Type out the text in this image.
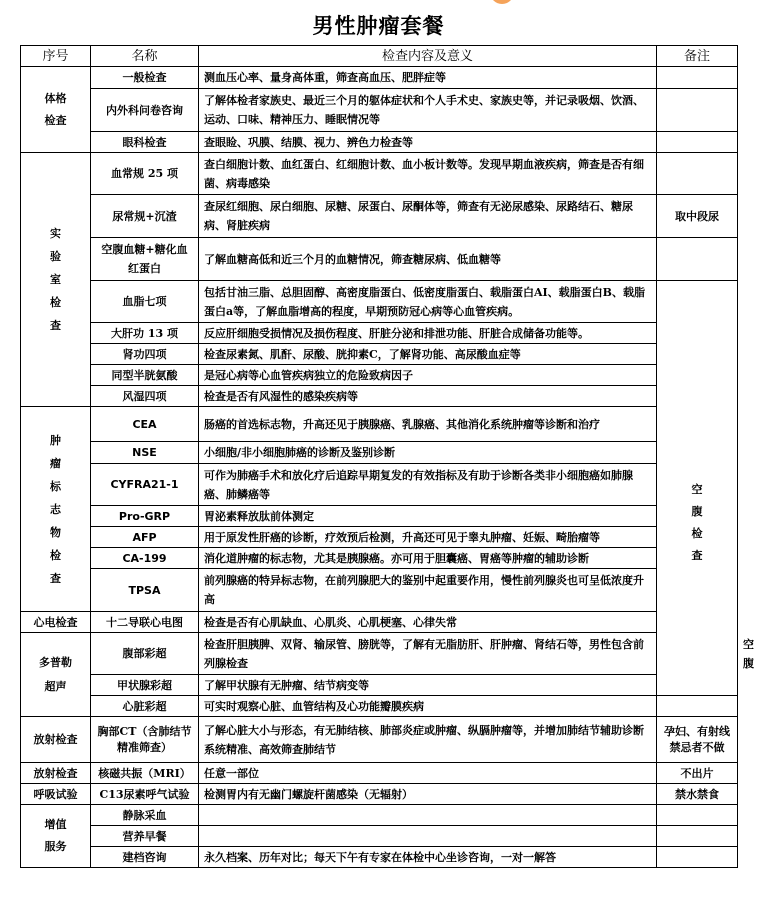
男性肿瘤套餐
序号	名称	检查内容及意义	备注	
体格检查	一般检查	测血压心率、量身高体重，筛查高血压、肥胖症等		
	内外科问卷咨询	了解体检者家族史、最近三个月的躯体症状和个人手术史、家族史等，并记录吸烟、饮酒、运动、口味、精神压力、睡眠情况等		
	眼科检查	查眼睑、巩膜、结膜、视力、辨色力检查等		
实验室检查	血常规 25 项	查白细胞计数、血红蛋白、红细胞计数、血小板计数等。发现早期血液疾病，筛查是否有细菌、病毒感染		
	尿常规+沉渣	查尿红细胞、尿白细胞、尿糖、尿蛋白、尿酮体等，筛查有无泌尿感染、尿路结石、糖尿病、肾脏疾病	取中段尿	
	空腹血糖+糖化血红蛋白	了解血糖高低和近三个月的血糖情况，筛查糖尿病、低血糖等		
	血脂七项	包括甘油三脂、总胆固醇、高密度脂蛋白、低密度脂蛋白、载脂蛋白AI、载脂蛋白B、载脂蛋白a等，了解血脂增高的程度，早期预防冠心病等心血管疾病。	空腹检查	
	大肝功 13 项	反应肝细胞受损情况及损伤程度、肝脏分泌和排泄功能、肝脏合成储备功能等。		
	肾功四项	检查尿素氮、肌酐、尿酸、胱抑素C，了解肾功能、高尿酸血症等		
	同型半胱氨酸	是冠心病等心血管疾病独立的危险致病因子		
	风湿四项	检查是否有风湿性的感染疾病等		
肿瘤标志物检查	CEA	肠癌的首选标志物，升高还见于胰腺癌、乳腺癌、其他消化系统肿瘤等诊断和治疗		
	NSE	小细胞/非小细胞肺癌的诊断及鉴别诊断		
	CYFRA21-1	可作为肺癌手术和放化疗后追踪早期复发的有效指标及有助于诊断各类非小细胞癌如肺腺癌、肺鳞癌等		
	Pro-GRP	胃泌素释放肽前体测定		
	AFP	用于原发性肝癌的诊断，疗效预后检测，升高还可见于睾丸肿瘤、妊娠、畸胎瘤等		
	CA-199	消化道肿瘤的标志物，尤其是胰腺癌。亦可用于胆囊癌、胃癌等肿瘤的辅助诊断		
	TPSA	前列腺癌的特异标志物，在前列腺肥大的鉴别中起重要作用，慢性前列腺炎也可呈低浓度升高		
心电检查	十二导联心电图	检查是否有心肌缺血、心肌炎、心肌梗塞、心律失常		
多普勒超声	腹部彩超	检查肝胆胰脾、双肾、输尿管、膀胱等，了解有无脂肪肝、肝肿瘤、肾结石等，男性包含前列腺检查		空腹
	甲状腺彩超	了解甲状腺有无肿瘤、结节病变等		
	心脏彩超	可实时观察心脏、血管结构及心功能瓣膜疾病		
放射检查	胸部CT（含肺结节精准筛查）	了解心脏大小与形态，有无肺结核、肺部炎症或肿瘤、纵膈肿瘤等，并增加肺结节辅助诊断系统精准、高效筛查肺结节	孕妇、有射线禁忌者不做	
放射检查	核磁共振（MRI）	任意一部位	不出片	
呼吸试验	C13尿素呼气试验	检测胃内有无幽门螺旋杆菌感染（无辐射）	禁水禁食	
增值服务	静脉采血			
	营养早餐			
	建档咨询	永久档案、历年对比；每天下午有专家在体检中心坐诊咨询，一对一解答		
